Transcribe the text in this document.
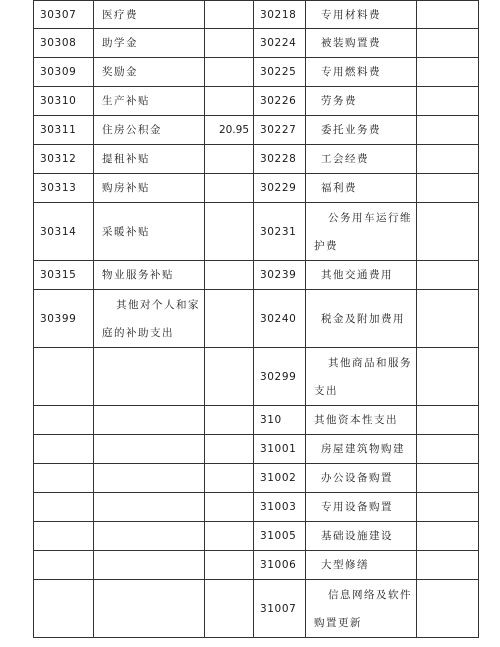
30307	医疗费		30218	专用材料费	

30308	助学金		30224	被装购置费	

30309	奖励金		30225	专用燃料费	

30310	生产补贴		30226	劳务费	

30311	住房公积金	20.95	30227	委托业务费	

30312	提租补贴		30228	工会经费	

30313	购房补贴		30229	福利费	

30314	采暖补贴		30231	公务用车运行维护费	

30315	物业服务补贴		30239	其他交通费用	

30399	其他对个人和家庭的补助支出		30240	税金及附加费用	

		30299	其他商品和服务支出	

		310	其他资本性支出	

		31001	房屋建筑物购建	

		31002	办公设备购置	

		31003	专用设备购置	

		31005	基础设施建设	

		31006	大型修缮	

		31007	信息网络及软件购置更新	
